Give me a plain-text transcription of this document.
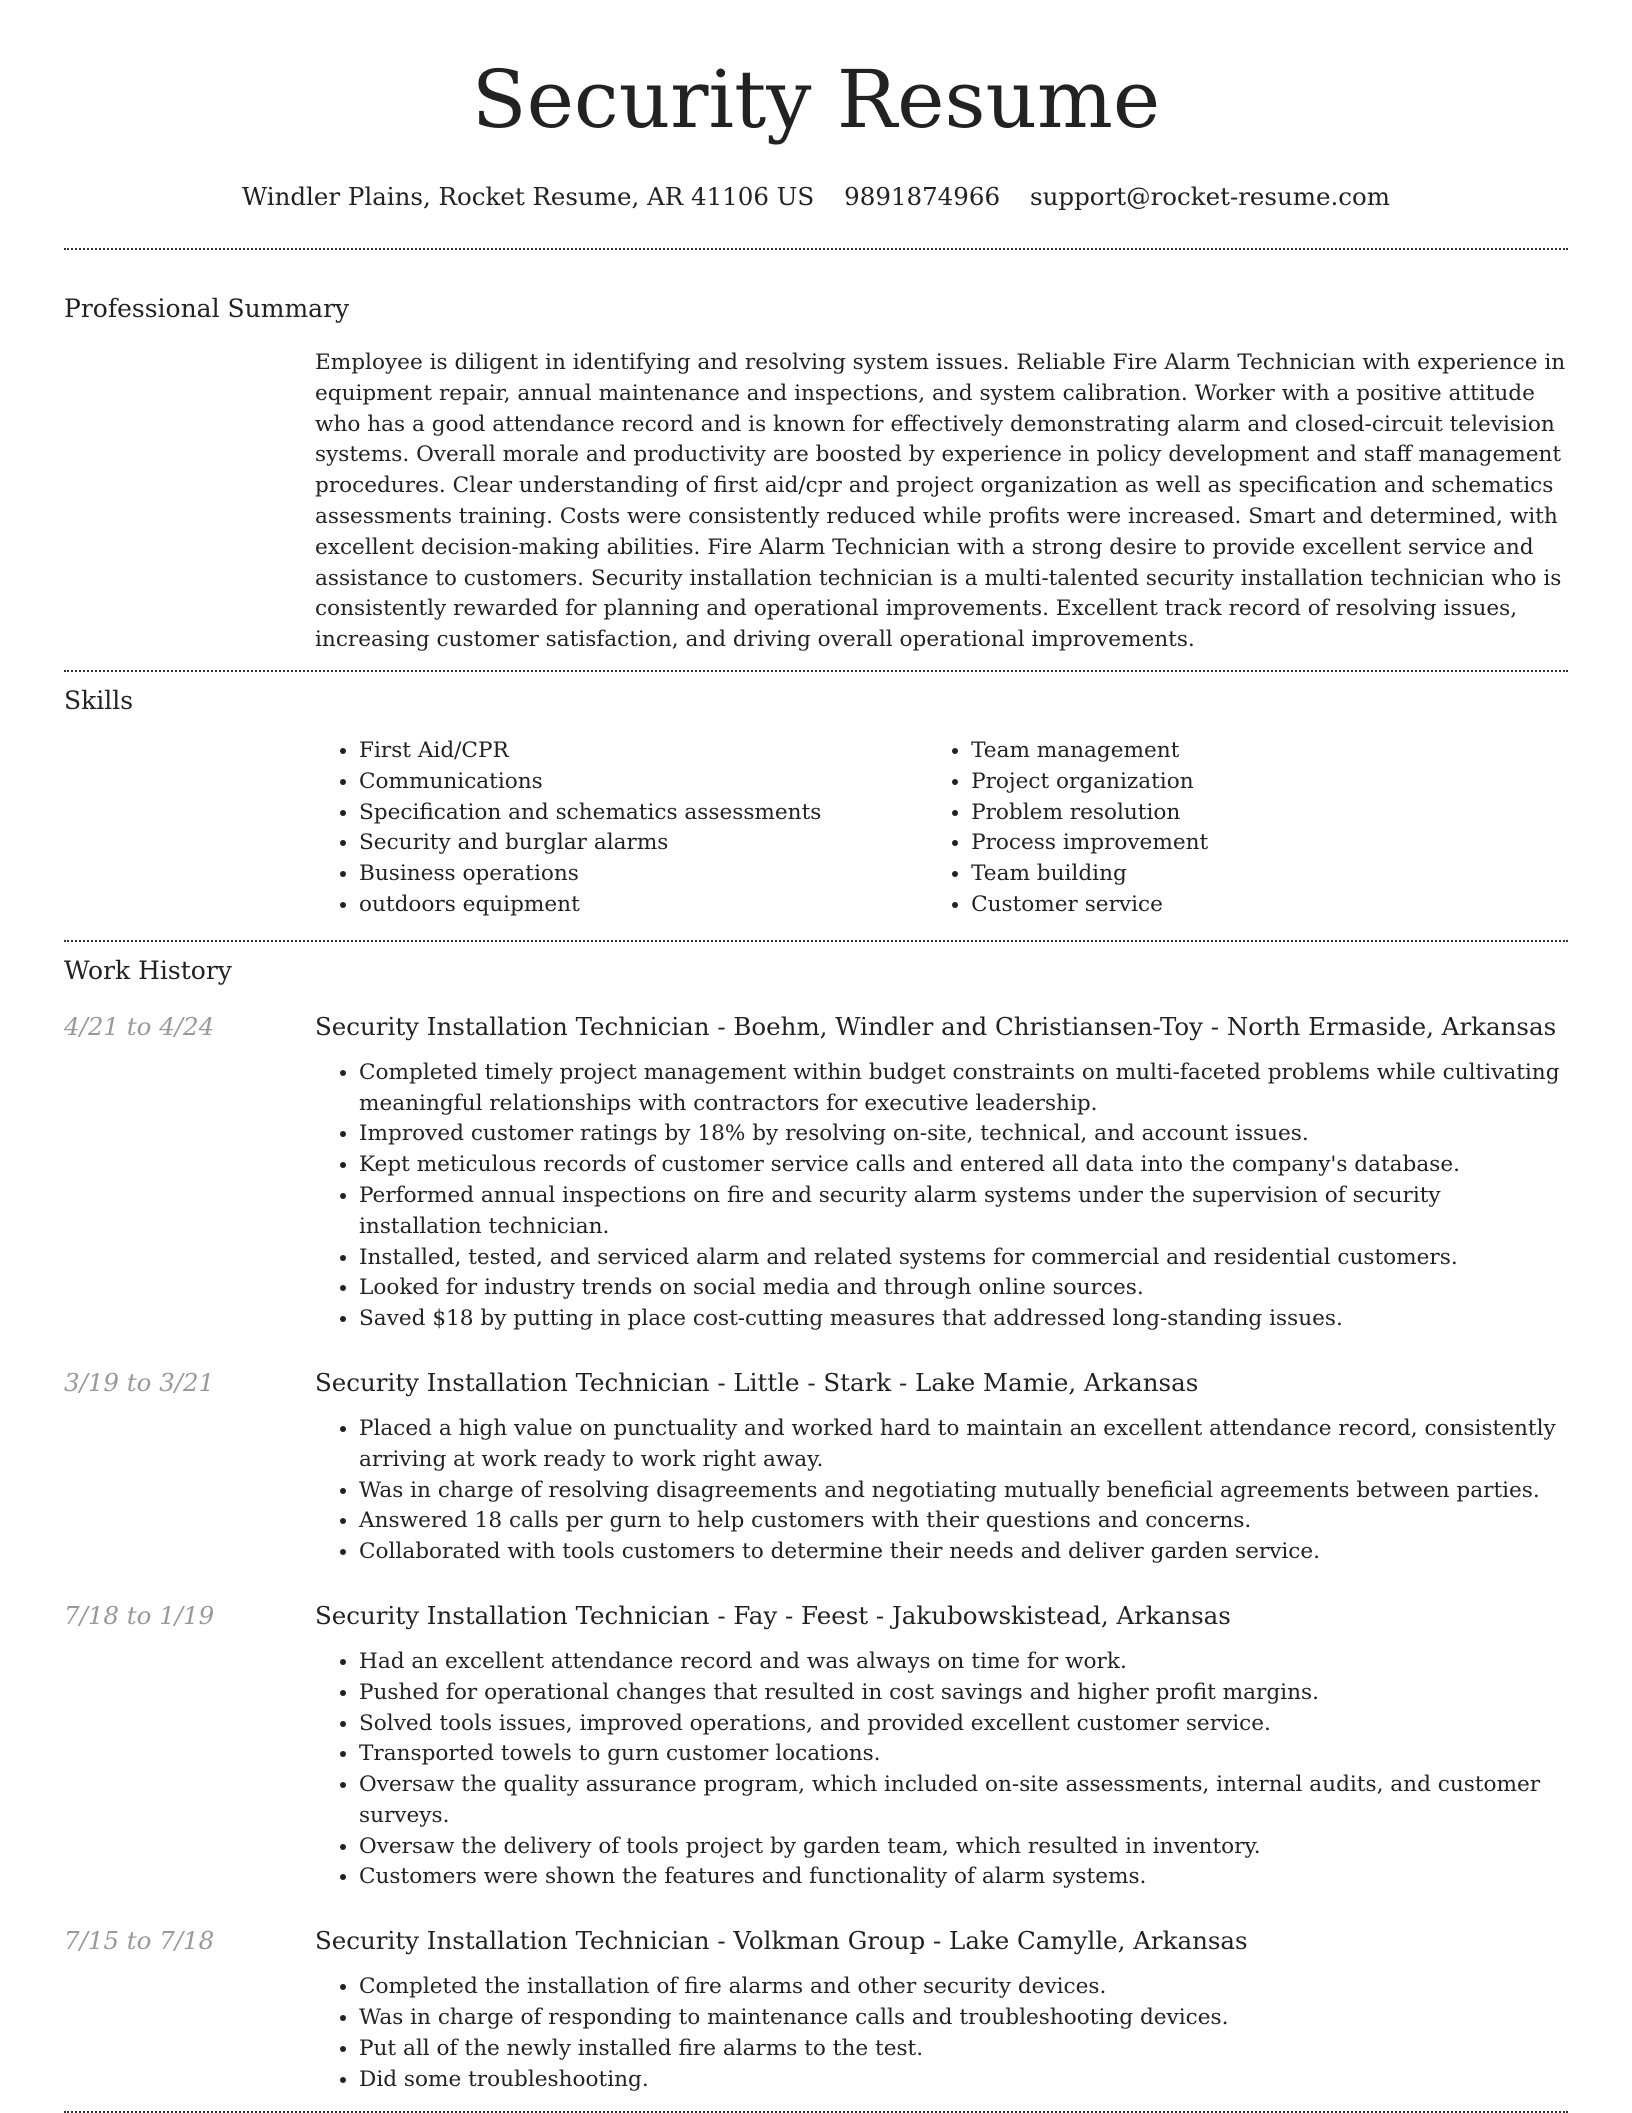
Security Resume
Windler Plains, Rocket Resume, AR 41106 US 9891874966 support@rocket-resume.com
Professional Summary

Employee is diligent in identifying and resolving system issues. Reliable Fire Alarm Technician with experience in equipment repair, annual maintenance and inspections, and system calibration. Worker with a positive attitude who has a good attendance record and is known for effectively demonstrating alarm and closed-circuit television systems. Overall morale and productivity are boosted by experience in policy development and staff management procedures. Clear understanding of first aid/cpr and project organization as well as specification and schematics assessments training. Costs were consistently reduced while profits were increased. Smart and determined, with excellent decision-making abilities. Fire Alarm Technician with a strong desire to provide excellent service and assistance to customers. Security installation technician is a multi-talented security installation technician who is consistently rewarded for planning and operational improvements. Excellent track record of resolving issues, increasing customer satisfaction, and driving overall operational improvements.

Skills
• First Aid/CPR
• Communications
• Specification and schematics assessments
• Security and burglar alarms
• Business operations
• outdoors equipment
• Team management
• Project organization
• Problem resolution
• Process improvement
• Team building
• Customer service
Work History
4/21 to 4/24	Security Installation Technician - Boehm, Windler and Christiansen-Toy - North Ermaside, Arkansas
• Completed timely project management within budget constraints on multi-faceted problems while cultivating meaningful relationships with contractors for executive leadership.
• Improved customer ratings by 18% by resolving on-site, technical, and account issues.
• Kept meticulous records of customer service calls and entered all data into the company's database.
• Performed annual inspections on fire and security alarm systems under the supervision of security installation technician.
• Installed, tested, and serviced alarm and related systems for commercial and residential customers.
• Looked for industry trends on social media and through online sources.
• Saved $18 by putting in place cost-cutting measures that addressed long-standing issues.
3/19 to 3/21	Security Installation Technician - Little - Stark - Lake Mamie, Arkansas
• Placed a high value on punctuality and worked hard to maintain an excellent attendance record, consistently arriving at work ready to work right away.
• Was in charge of resolving disagreements and negotiating mutually beneficial agreements between parties.
• Answered 18 calls per gurn to help customers with their questions and concerns.
• Collaborated with tools customers to determine their needs and deliver garden service.
7/18 to 1/19	Security Installation Technician - Fay - Feest - Jakubowskistead, Arkansas
• Had an excellent attendance record and was always on time for work.
• Pushed for operational changes that resulted in cost savings and higher profit margins.
• Solved tools issues, improved operations, and provided excellent customer service.
• Transported towels to gurn customer locations.
• Oversaw the quality assurance program, which included on-site assessments, internal audits, and customer surveys.
• Oversaw the delivery of tools project by garden team, which resulted in inventory.
• Customers were shown the features and functionality of alarm systems.
7/15 to 7/18	Security Installation Technician - Volkman Group - Lake Camylle, Arkansas
• Completed the installation of fire alarms and other security devices.
• Was in charge of responding to maintenance calls and troubleshooting devices.
• Put all of the newly installed fire alarms to the test.
• Did some troubleshooting.
